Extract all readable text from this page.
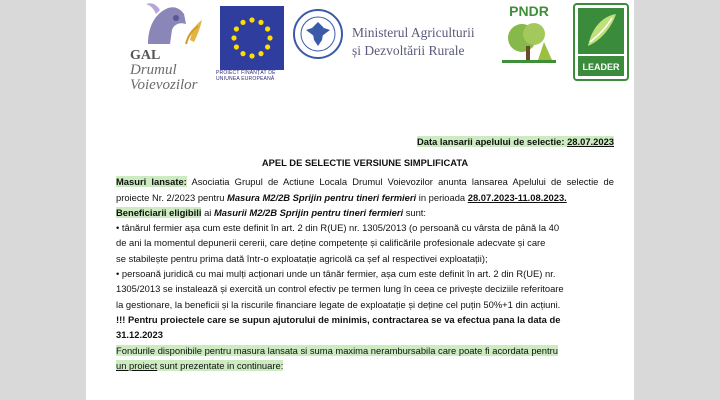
GAL
Drumul
Voievozilor
PROIECT FINANȚAT DE
UNIUNEA EUROPEANĂ
Ministerul Agriculturii
și Dezvoltării Rurale
PNDR
LEADER

Data lansarii apelului de selectie: 28.07.2023

APEL DE SELECTIE VERSIUNE SIMPLIFICATA

Masuri lansate: Asociatia Grupul de Actiune Locala Drumul Voievozilor anunta lansarea Apelului de selectie de proiecte Nr. 2/2023 pentru Masura M2/2B Sprijin pentru tineri fermieri in perioada 28.07.2023-11.08.2023.

Beneficiarii eligibili ai Masurii M2/2B Sprijin pentru tineri fermieri sunt:

• tânărul fermier așa cum este definit în art. 2 din R(UE) nr. 1305/2013 (o persoană cu vârsta de până la 40

de ani la momentul depunerii cererii, care deține competențe și calificările profesionale adecvate și care

se stabilește pentru prima dată într-o exploatație agricolă ca șef al respectivei exploatații);

• persoană juridică cu mai mulți acționari unde un tânăr fermier, așa cum este definit în art. 2 din R(UE) nr.

1305/2013 se instalează și exercită un control efectiv pe termen lung în ceea ce privește deciziile referitoare

la gestionare, la beneficii și la riscurile financiare legate de exploatație și deține cel puțin 50%+1 din acțiuni.

!!! Pentru proiectele care se supun ajutorului de minimis, contractarea se va efectua pana la data de

31.12.2023

Fondurile disponibile pentru masura lansata si suma maxima nerambursabila care poate fi acordata pentru

un proiect sunt prezentate in continuare:
